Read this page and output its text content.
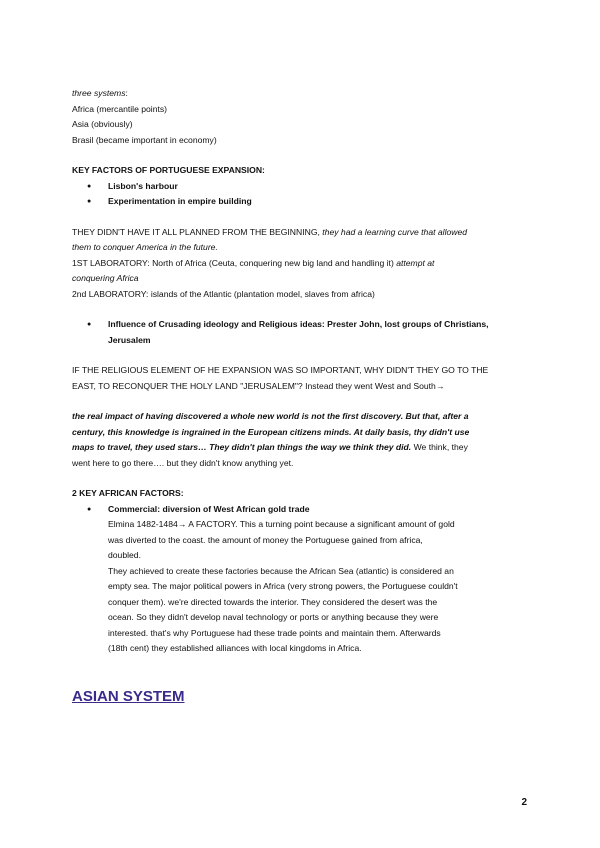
three systems:
Africa (mercantile points)
Asia (obviously)
Brasil (became important in economy)
KEY FACTORS OF PORTUGUESE EXPANSION:
● Lisbon's harbour
● Experimentation in empire building
THEY DIDN'T HAVE IT ALL PLANNED FROM THE BEGINNING, they had a learning curve that allowed
them to conquer America in the future.
1ST LABORATORY: North of Africa (Ceuta, conquering new big land and handling it) attempt at
conquering Africa
2nd LABORATORY: islands of the Atlantic (plantation model, slaves from africa)
● Influence of Crusading ideology and Religious ideas: Prester John, lost groups of Christians,
Jerusalem
IF THE RELIGIOUS ELEMENT OF HE EXPANSION WAS SO IMPORTANT, WHY DIDN'T THEY GO TO THE
EAST, TO RECONQUER THE HOLY LAND "JERUSALEM"? Instead they went West and South→
the real impact of having discovered a whole new world is not the first discovery. But that, after a
century, this knowledge is ingrained in the European citizens minds. At daily basis, thy didn't use
maps to travel, they used stars… They didn't plan things the way we think they did. We think, they
went here to go there…. but they didn't know anything yet.
2 KEY AFRICAN FACTORS:
● Commercial: diversion of West African gold trade
Elmina 1482-1484→ A FACTORY. This a turning point because a significant amount of gold
was diverted to the coast. the amount of money the Portuguese gained from africa,
doubled.
They achieved to create these factories because the African Sea (atlantic) is considered an
empty sea. The major political powers in Africa (very strong powers, the Portuguese couldn't
conquer them). we're directed towards the interior. They considered the desert was the
ocean. So they didn't develop naval technology or ports or anything because they were
interested. that's why Portuguese had these trade points and maintain them. Afterwards
(18th cent) they established alliances with local kingdoms in Africa.
ASIAN SYSTEM
2
